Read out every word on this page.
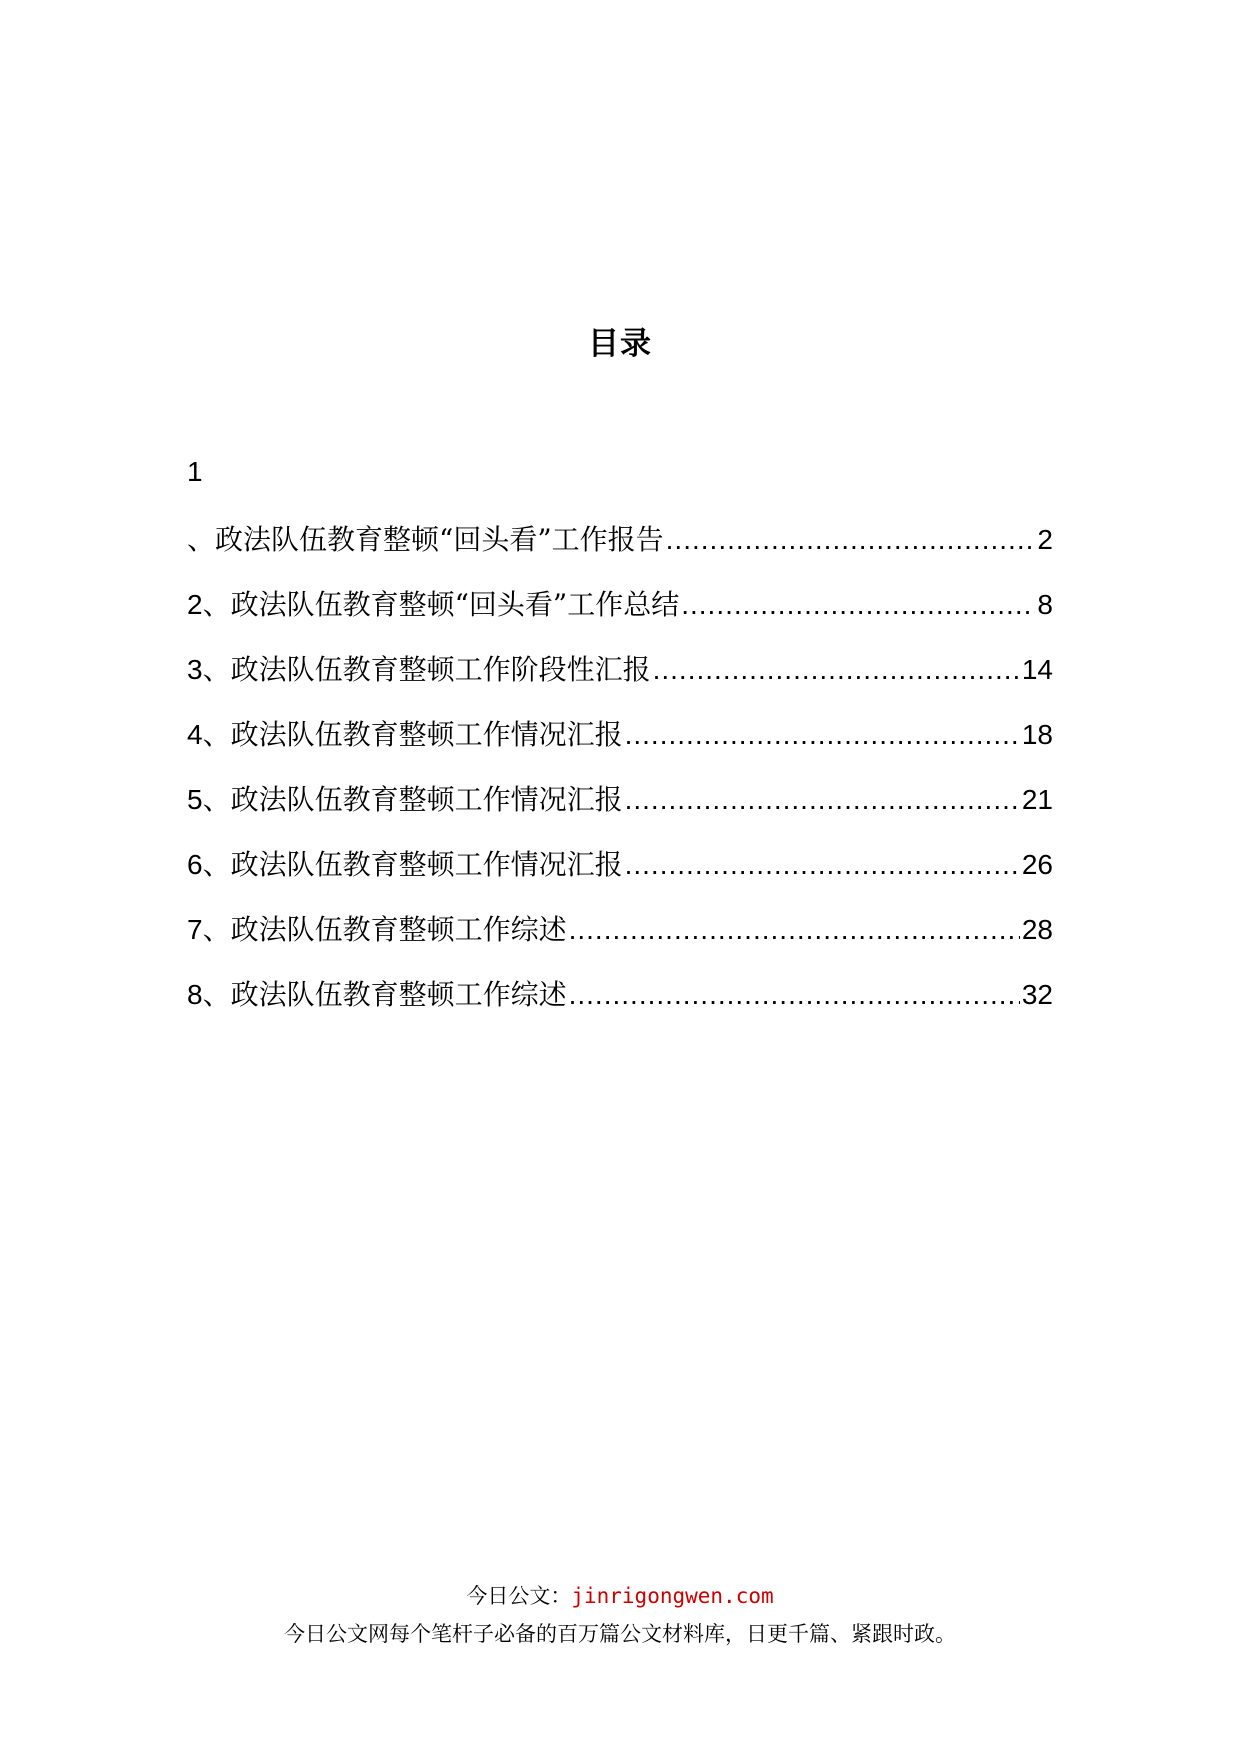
目录
1
、政法队伍教育整顿“回头看”工作报告 .....	2
2 、政法队伍教育整顿“回头看”工作总结 .....	8
3 、政法队伍教育整顿工作阶段性汇报 .....	14
4 、政法队伍教育整顿工作情况汇报 .....	18
5 、政法队伍教育整顿工作情况汇报 .....	21
6 、政法队伍教育整顿工作情况汇报 .....	26
7 、政法队伍教育整顿工作综述 .....	28
8 、政法队伍教育整顿工作综述 .....	32
今日公文：jinrigongwen.com
今日公文网每个笔杆子必备的百万篇公文材料库，日更千篇、紧跟时政。
